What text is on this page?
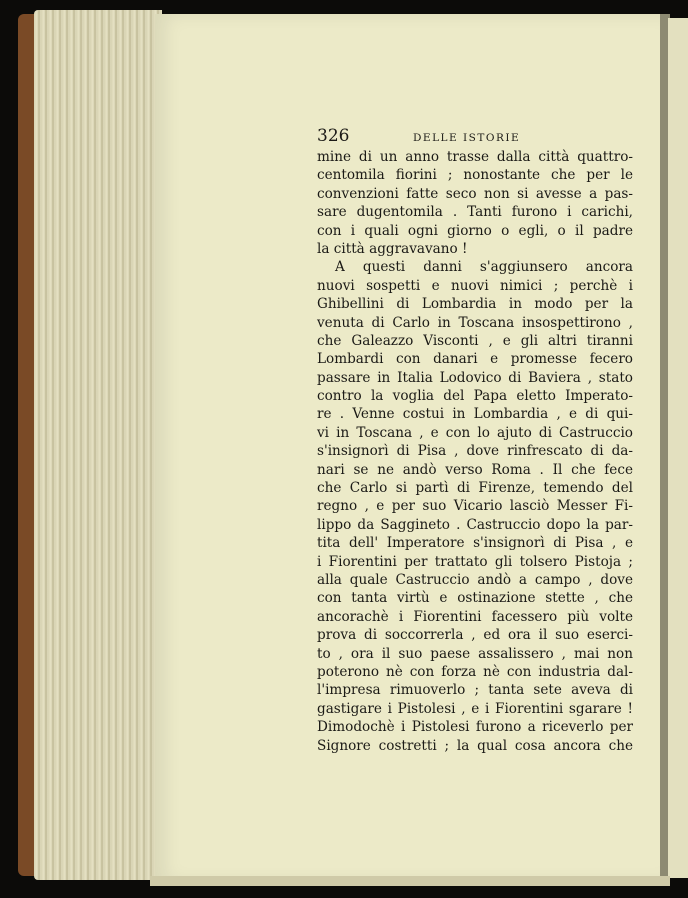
326	DELLE ISTORIE
mine di un anno trasse dalla città quattro-
centomila fiorini ; nonostante che per le
convenzioni fatte seco non si avesse a pas-
sare dugentomila . Tanti furono i carichi,
con i quali ogni giorno o egli, o il padre
la città aggravavano !
A questi danni s'aggiunsero ancora
nuovi sospetti e nuovi nimici ; perchè i
Ghibellini di Lombardia in modo per la
venuta di Carlo in Toscana insospettirono ,
che Galeazzo Visconti , e gli altri tiranni
Lombardi con danari e promesse fecero
passare in Italia Lodovico di Baviera , stato
contro la voglia del Papa eletto Imperato-
re . Venne costui in Lombardia , e di qui-
vi in Toscana , e con lo ajuto di Castruccio
s'insignorì di Pisa , dove rinfrescato di da-
nari se ne andò verso Roma . Il che fece
che Carlo si partì di Firenze, temendo del
regno , e per suo Vicario lasciò Messer Fi-
lippo da Saggineto . Castruccio dopo la par-
tita dell' Imperatore s'insignorì di Pisa , e
i Fiorentini per trattato gli tolsero Pistoja ;
alla quale Castruccio andò a campo , dove
con tanta virtù e ostinazione stette , che
ancorachè i Fiorentini facessero più volte
prova di soccorrerla , ed ora il suo eserci-
to , ora il suo paese assalissero , mai non
poterono nè con forza nè con industria dal-
l'impresa rimuoverlo ; tanta sete aveva di
gastigare i Pistolesi , e i Fiorentini sgarare !
Dimodochè i Pistolesi furono a riceverlo per
Signore costretti ; la qual cosa ancora che
